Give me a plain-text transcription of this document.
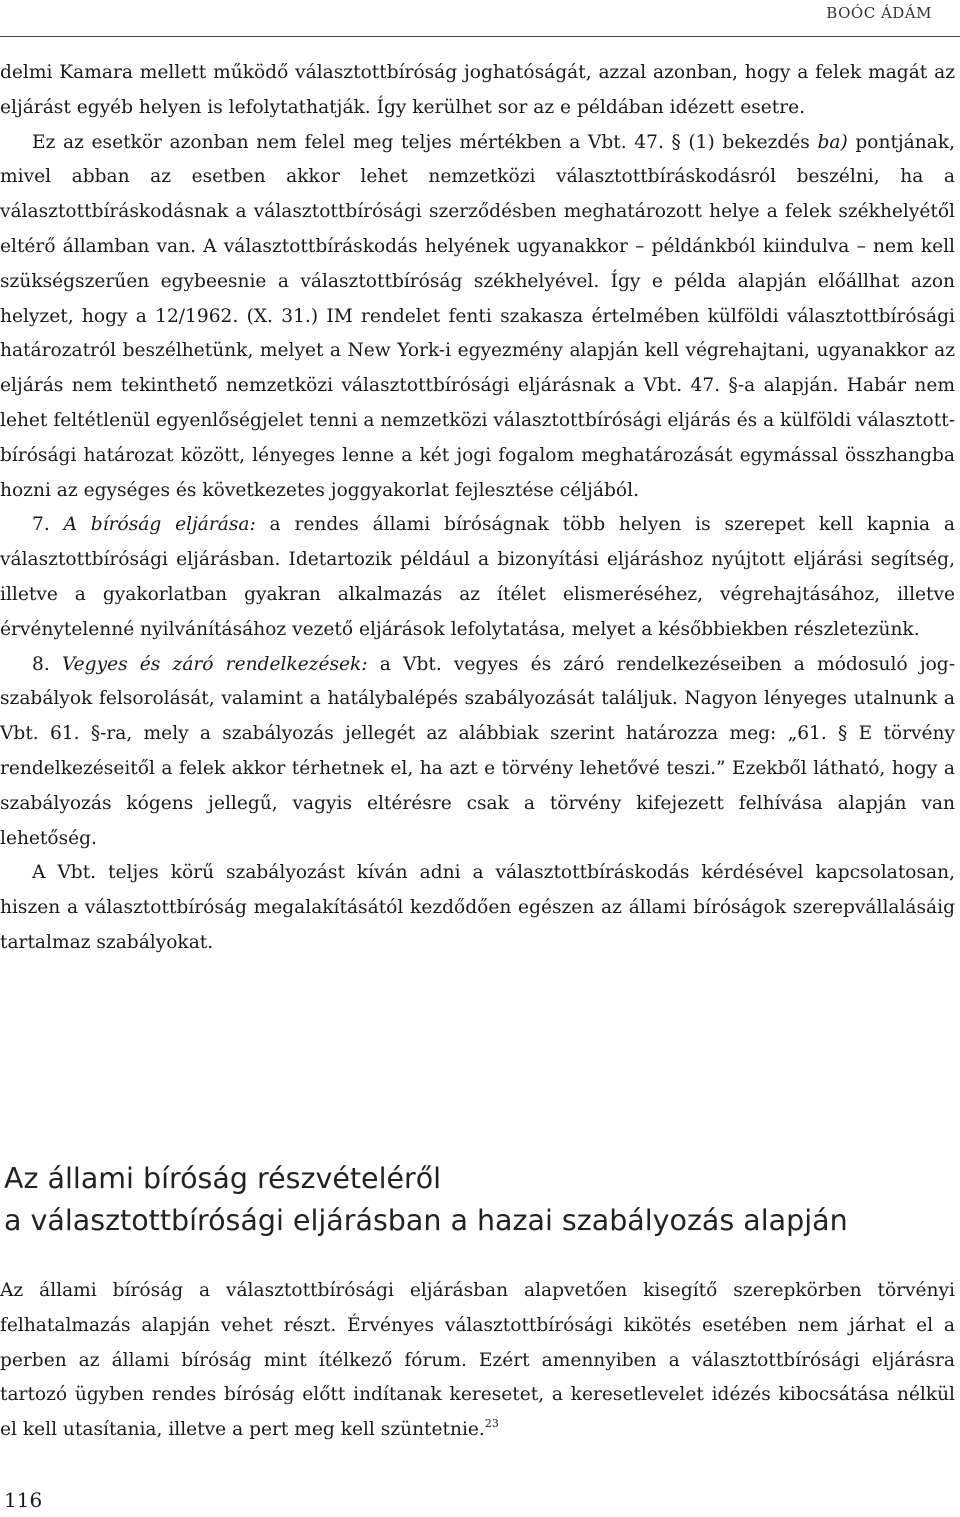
BOÓC ÁDÁM

delmi Kamara mellett működő választottbíróság joghatóságát, azzal azonban, hogy a felek magát az eljárást egyéb helyen is lefolytathatják. Így kerülhet sor az e példában idézett esetre.

Ez az esetkör azonban nem felel meg teljes mértékben a Vbt. 47. § (1) bekezdés ba) pontjának, mivel abban az esetben akkor lehet nemzetközi választottbíráskodásról beszélni, ha a választottbíráskodásnak a választottbírósági szerződésben meghatározott helye a felek székhelyétől eltérő államban van. A választottbíráskodás helyének ugyanakkor – példánkból kiindulva – nem kell szükségszerűen egybeesnie a választottbíróság székhelyével. Így e példa alapján előállhat azon helyzet, hogy a 12/1962. (X. 31.) IM rendelet fenti szakasza értelmében külföldi választottbírósági határozatról beszélhetünk, melyet a New York-i egyezmény alapján kell végrehajtani, ugyanakkor az eljárás nem tekinthető nemzetközi választottbírósági eljárásnak a Vbt. 47. §-a alapján. Habár nem lehet feltétlenül egyenlőségjelet tenni a nemzetközi választottbírósági eljárás és a külföldi választottbírósági határozat között, lényeges lenne a két jogi fogalom meghatározását egymással összhangba hozni az egységes és következetes joggyakorlat fejlesztése céljából.

7. A bíróság eljárása: a rendes állami bíróságnak több helyen is szerepet kell kapnia a választottbírósági eljárásban. Idetartozik például a bizonyítási eljáráshoz nyújtott eljárási segítség, illetve a gyakorlatban gyakran alkalmazás az ítélet elismeréséhez, végrehajtásához, illetve érvénytelenné nyilvánításához vezető eljárások lefolytatása, melyet a későbbiekben részletezünk.

8. Vegyes és záró rendelkezések: a Vbt. vegyes és záró rendelkezéseiben a módosuló jogszabályok felsorolását, valamint a hatálybalépés szabályozását találjuk. Nagyon lényeges utalnunk a Vbt. 61. §-ra, mely a szabályozás jellegét az alábbiak szerint határozza meg: „61. § E törvény rendelkezéseitől a felek akkor térhetnek el, ha azt e törvény lehetővé teszi.” Ezekből látható, hogy a szabályozás kógens jellegű, vagyis eltérésre csak a törvény kifejezett felhívása alapján van lehetőség.

A Vbt. teljes körű szabályozást kíván adni a választottbíráskodás kérdésével kapcsolatosan, hiszen a választottbíróság megalakításától kezdődően egészen az állami bíróságok szerepvállalásáig tartalmaz szabályokat.

Az állami bíróság részvételéről
a választottbírósági eljárásban a hazai szabályozás alapján

Az állami bíróság a választottbírósági eljárásban alapvetően kisegítő szerepkörben törvényi felhatalmazás alapján vehet részt. Érvényes választottbírósági kikötés esetében nem járhat el a perben az állami bíróság mint ítélkező fórum. Ezért amennyiben a választottbírósági eljárásra tartozó ügyben rendes bíróság előtt indítanak keresetet, a keresetlevelet idézés kibocsátása nélkül el kell utasítania, illetve a pert meg kell szüntetnie.$^{23}$

116
